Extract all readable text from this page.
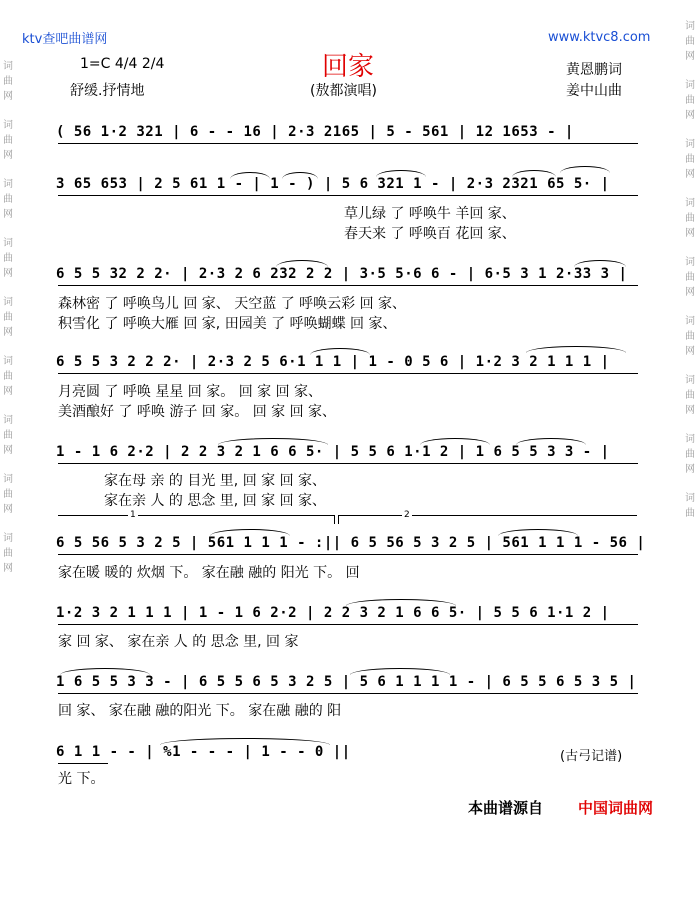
词
曲
网

词
曲
网

词
曲
网

词
曲
网

词
曲
网

词
曲
网

词
曲
网

词
曲
网

词
曲
网
词
曲
网

词
曲
网

词
曲
网

词
曲
网

词
曲
网

词
曲
网

词
曲
网

词
曲
网

词
曲
ktv查吧曲谱网	www.ktvc8.com
回家
(敖都演唱)
1=C 4/4 2/4
舒缓.抒情地
黄恩鹏词
姜中山曲
( 56 1·2 321 | 6 - - 16 | 2·3 2165 | 5 - 561 | 12 1653 - |
3 65 653 | 2 5 61 1 - | 1 - ) | 5 6 321 1 - | 2·3 2321 65 5· |
草儿绿 了 呼唤牛 羊回 家、
春天来 了 呼唤百 花回 家、
6 5 5 32 2 2· | 2·3 2 6 232 2 2 | 3·5 5·6 6 - | 6·5 3 1 2·33 3 |
森林密 了 呼唤鸟儿 回 家、 天空蓝 了 呼唤云彩 回 家、
积雪化 了 呼唤大雁 回 家, 田园美 了 呼唤蝴蝶 回 家、
6 5 5 3 2 2 2· | 2·3 2 5 6·1 1 1 | 1 - 0 5 6 | 1·2 3 2 1 1 1 |
月亮圆 了 呼唤 星星 回 家。 回 家 回 家、
美酒酿好 了 呼唤 游子 回 家。 回 家 回 家、
1 - 1 6 2·2 | 2 2 3 2 1 6 6 5· | 5 5 6 1·1 2 | 1 6 5 5 3 3 - |
家在母 亲 的 目光 里, 回 家 回 家、
家在亲 人 的 思念 里, 回 家 回 家、
1	2
6 5 56 5 3 2 5 | 561 1 1 1 - :|| 6 5 56 5 3 2 5 | 561 1 1 1 - 56 |
家在暖 暖的 炊烟 下。 家在融 融的 阳光 下。 回
1·2 3 2 1 1 1 | 1 - 1 6 2·2 | 2 2 3 2 1 6 6 5· | 5 5 6 1·1 2 |
家 回 家、 家在亲 人 的 思念 里, 回 家
1 6 5 5 3 3 - | 6 5 5 6 5 3 2 5 | 5 6 1 1 1 1 - | 6 5 5 6 5 3 5 |
回 家、 家在融 融的阳光 下。 家在融 融的 阳
6 1 1 - - | %1 - - - | 1 - - 0 ||
光 下。
(古弓记谱)
本曲谱源自 中国词曲网
